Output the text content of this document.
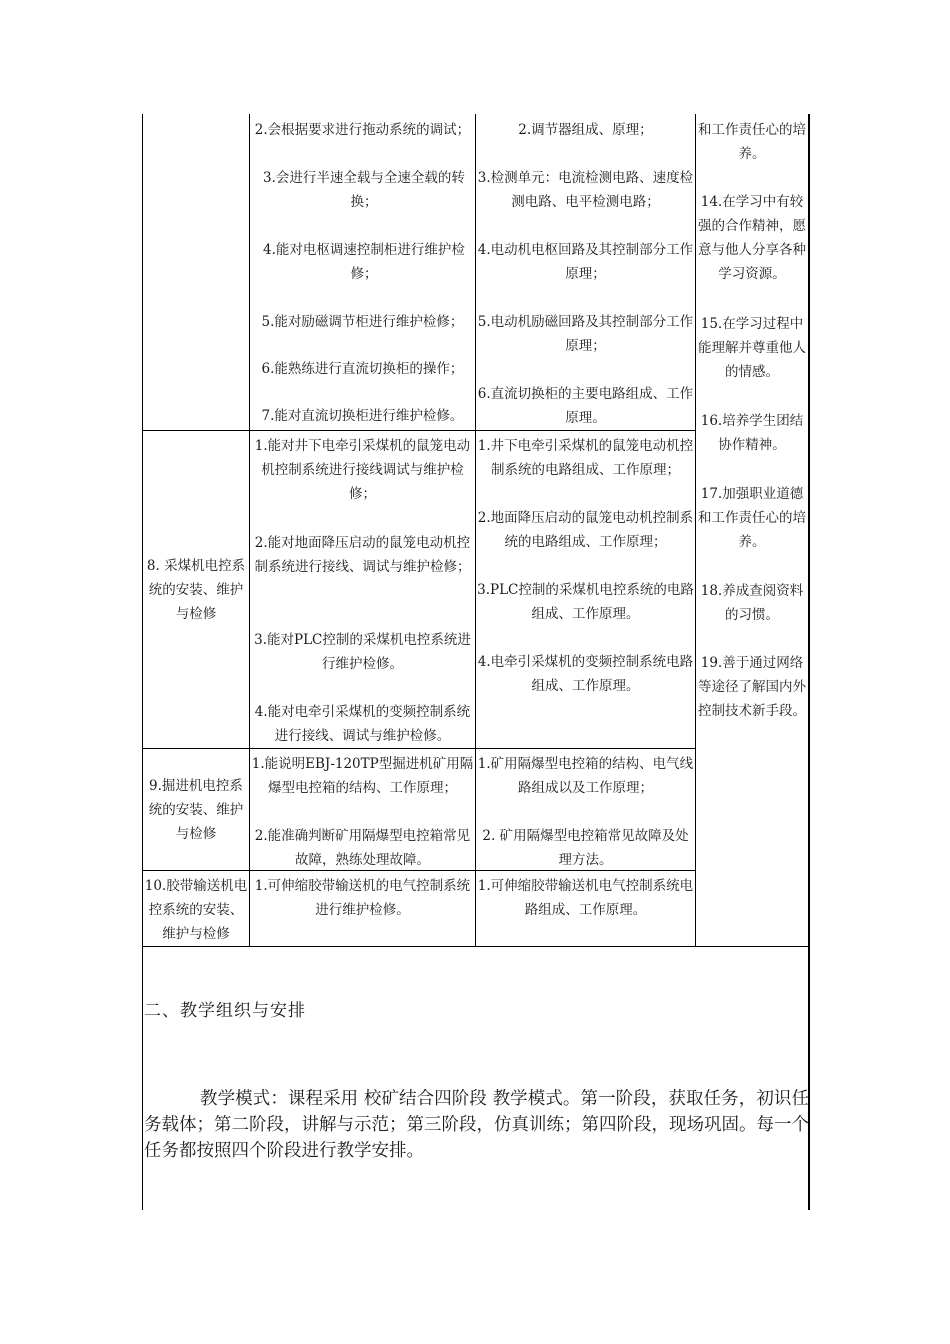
2.会根据要求进行拖动系统的调试；
3.会进行半速全载与全速全载的转换；
4.能对电枢调速控制柜进行维护检修；
5.能对励磁调节柜进行维护检修；
6.能熟练进行直流切换柜的操作；
7.能对直流切换柜进行维护检修。
2.调节器组成、原理；
3.检测单元：电流检测电路、速度检测电路、电平检测电路；
4.电动机电枢回路及其控制部分工作原理；
5.电动机励磁回路及其控制部分工作原理；
6.直流切换柜的主要电路组成、工作原理。
8. 采煤机电控系统的安装、维护与检修
1.能对井下电牵引采煤机的鼠笼电动机控制系统进行接线调试与维护检修；
2.能对地面降压启动的鼠笼电动机控制系统进行接线、调试与维护检修；
3.能对PLC控制的采煤机电控系统进行维护检修。
4.能对电牵引采煤机的变频控制系统进行接线、调试与维护检修。
1.井下电牵引采煤机的鼠笼电动机控制系统的电路组成、工作原理；
2.地面降压启动的鼠笼电动机控制系统的电路组成、工作原理；
3.PLC控制的采煤机电控系统的电路组成、工作原理。
4.电牵引采煤机的变频控制系统电路组成、工作原理。
9.掘进机电控系统的安装、维护与检修
1.能说明EBJ-120TP型掘进机矿用隔爆型电控箱的结构、工作原理；
2.能准确判断矿用隔爆型电控箱常见故障，熟练处理故障。
1.矿用隔爆型电控箱的结构、电气线路组成以及工作原理；
2. 矿用隔爆型电控箱常见故障及处理方法。
10.胶带输送机电控系统的安装、维护与检修
1.可伸缩胶带输送机的电气控制系统进行维护检修。
1.可伸缩胶带输送机电气控制系统电路组成、工作原理。
和工作责任心的培养。
14.在学习中有较强的合作精神，愿意与他人分享各种学习资源。
15.在学习过程中能理解并尊重他人的情感。
16.培养学生团结协作精神。
17.加强职业道德和工作责任心的培养。
18.养成查阅资料的习惯。
19.善于通过网络等途径了解国内外控制技术新手段。
二、教学组织与安排
教学模式：课程采用 校矿结合四阶段 教学模式。第一阶段，获取任务，初识任务载体；第二阶段，讲解与示范；第三阶段，仿真训练；第四阶段，现场巩固。每一个任务都按照四个阶段进行教学安排。
